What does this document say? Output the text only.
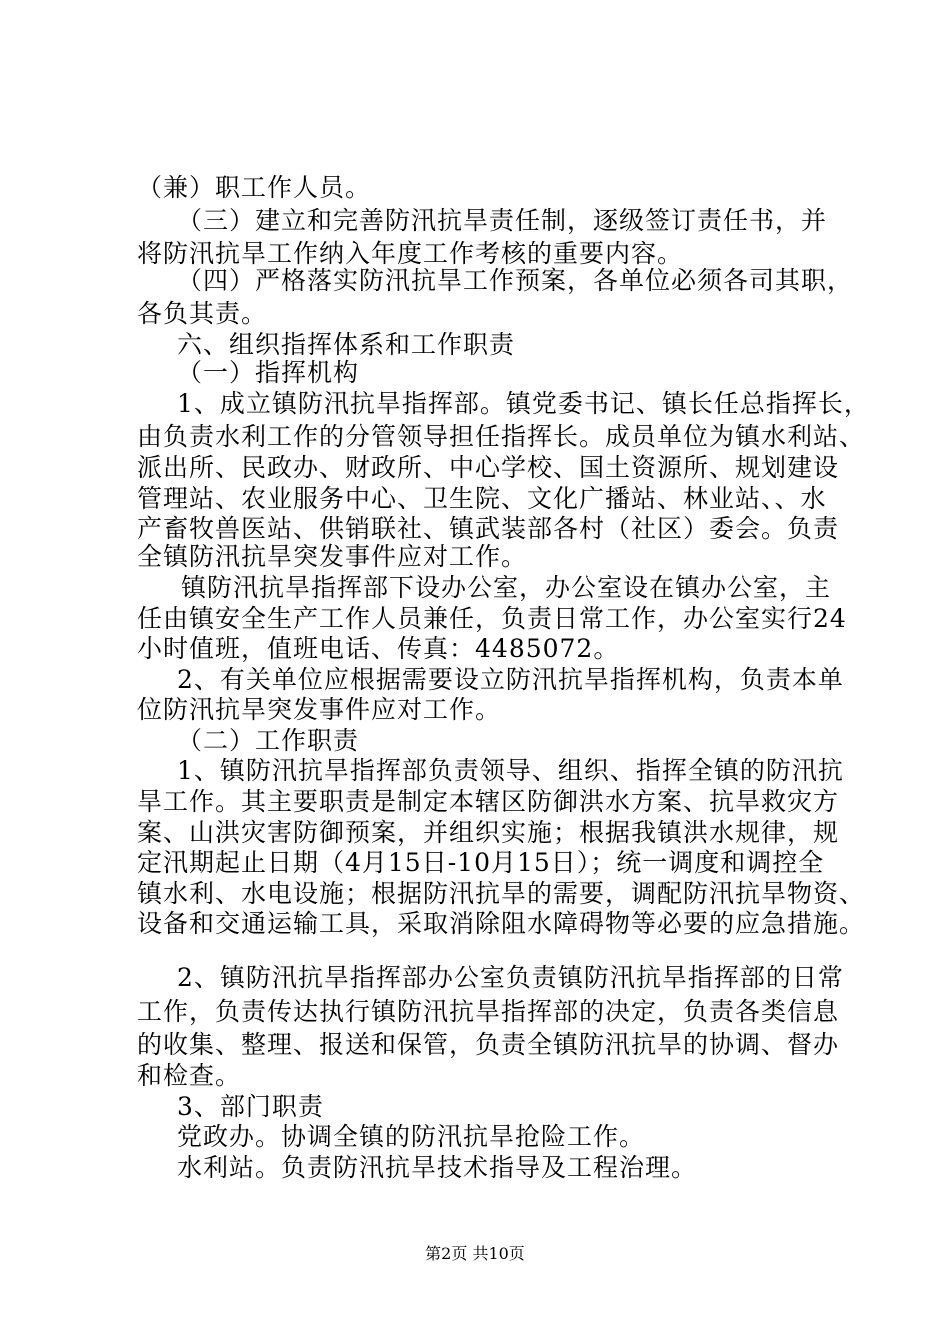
（兼）职工作人员。
（三）建立和完善防汛抗旱责任制，逐级签订责任书，并
将防汛抗旱工作纳入年度工作考核的重要内容。
（四）严格落实防汛抗旱工作预案，各单位必须各司其职，
各负其责。
六、组织指挥体系和工作职责
（一）指挥机构
1、成立镇防汛抗旱指挥部。镇党委书记、镇长任总指挥长，
由负责水利工作的分管领导担任指挥长。成员单位为镇水利站、
派出所、民政办、财政所、中心学校、国土资源所、规划建设
管理站、农业服务中心、卫生院、文化广播站、林业站、、水
产畜牧兽医站、供销联社、镇武装部各村（社区）委会。负责
全镇防汛抗旱突发事件应对工作。
镇防汛抗旱指挥部下设办公室，办公室设在镇办公室，主
任由镇安全生产工作人员兼任，负责日常工作，办公室实行24
小时值班，值班电话、传真：4485072。
2、有关单位应根据需要设立防汛抗旱指挥机构，负责本单
位防汛抗旱突发事件应对工作。
（二）工作职责
1、镇防汛抗旱指挥部负责领导、组织、指挥全镇的防汛抗
旱工作。其主要职责是制定本辖区防御洪水方案、抗旱救灾方
案、山洪灾害防御预案，并组织实施；根据我镇洪水规律，规
定汛期起止日期（4月15日-10月15日）；统一调度和调控全
镇水利、水电设施；根据防汛抗旱的需要，调配防汛抗旱物资、
设备和交通运输工具，采取消除阻水障碍物等必要的应急措施。
2、镇防汛抗旱指挥部办公室负责镇防汛抗旱指挥部的日常
工作，负责传达执行镇防汛抗旱指挥部的决定，负责各类信息
的收集、整理、报送和保管，负责全镇防汛抗旱的协调、督办
和检查。
3、部门职责
党政办。协调全镇的防汛抗旱抢险工作。
水利站。负责防汛抗旱技术指导及工程治理。
第2页 共10页
